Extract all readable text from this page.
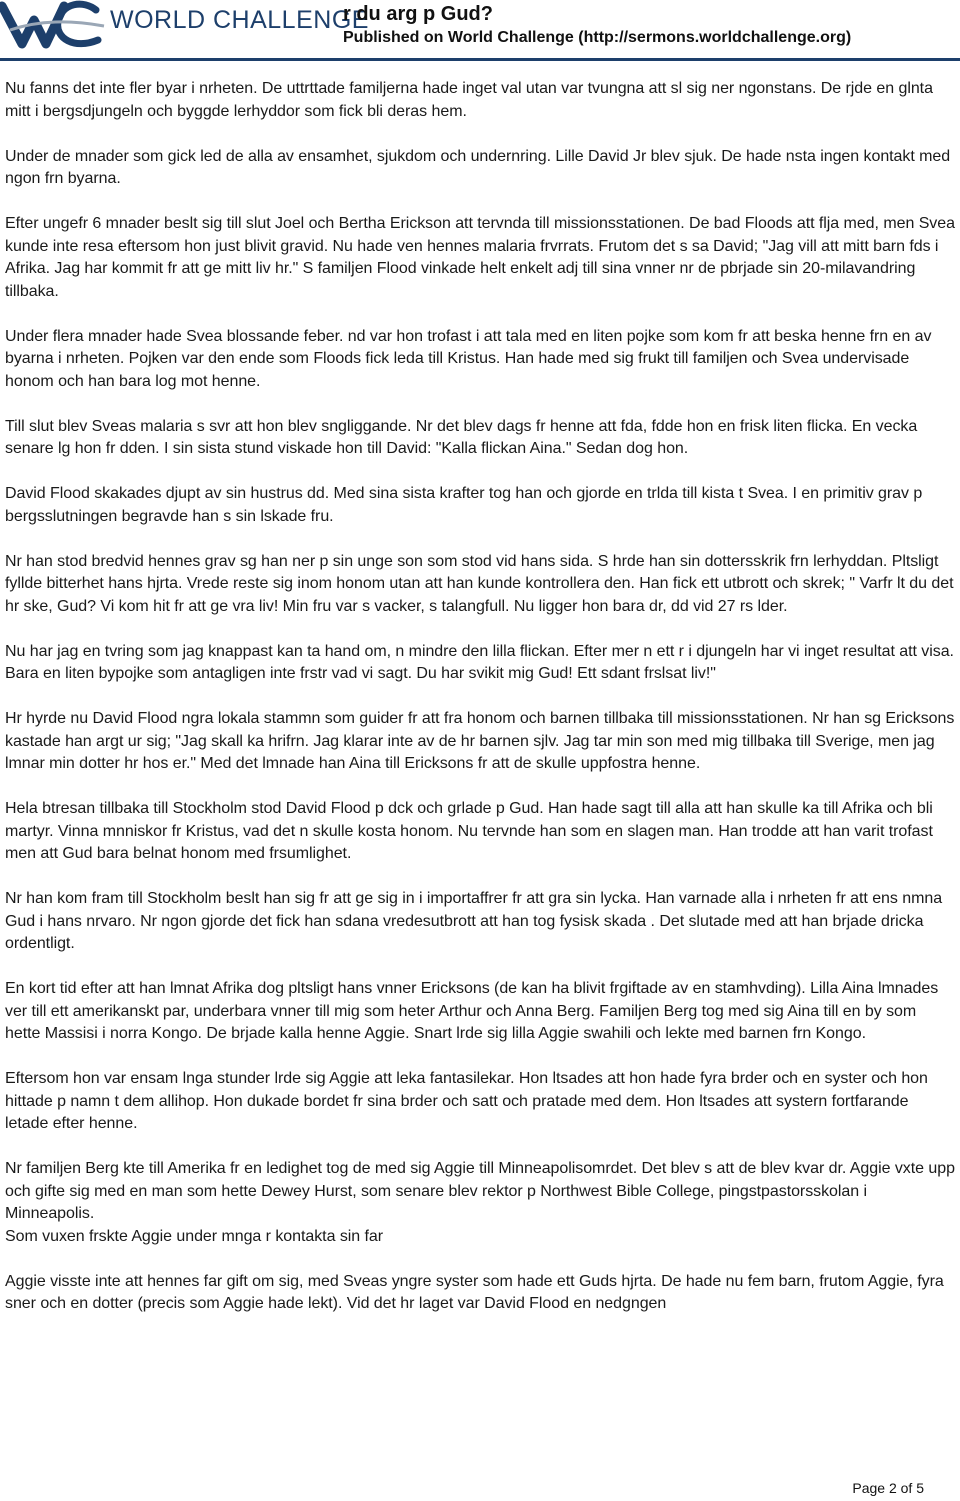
WORLD CHALLENGE
r du arg p Gud?
Published on World Challenge (http://sermons.worldchallenge.org)

Nu fanns det inte fler byar i nrheten. De uttrttade familjerna hade inget val utan var tvungna att sl sig ner ngonstans. De rjde en glnta mitt i bergsdjungeln och byggde lerhyddor som fick bli deras hem.

Under de mnader som gick led de alla av ensamhet, sjukdom och undernring. Lille David Jr blev sjuk. De hade nsta ingen kontakt med ngon frn byarna.

Efter ungefr 6 mnader beslt sig till slut Joel och Bertha Erickson att tervnda till missionsstationen. De bad Floods att flja med, men Svea kunde inte resa eftersom hon just blivit gravid. Nu hade ven hennes malaria frvrrats. Frutom det s sa David; "Jag vill att mitt barn fds i Afrika. Jag har kommit fr att ge mitt liv hr." S familjen Flood vinkade helt enkelt adj till sina vnner nr de pbrjade sin 20-milavandring tillbaka.

Under flera mnader hade Svea blossande feber. nd var hon trofast i att tala med en liten pojke som kom fr att beska henne frn en av byarna i nrheten. Pojken var den ende som Floods fick leda till Kristus. Han hade med sig frukt till familjen och Svea undervisade honom och han bara log mot henne.

Till slut blev Sveas malaria s svr att hon blev sngliggande. Nr det blev dags fr henne att fda, fdde hon en frisk liten flicka. En vecka senare lg hon fr dden. I sin sista stund viskade hon till David: "Kalla flickan Aina." Sedan dog hon.

David Flood skakades djupt av sin hustrus dd. Med sina sista krafter tog han och gjorde en trlda till kista t Svea. I en primitiv grav p bergsslutningen begravde han s sin lskade fru.

Nr han stod bredvid hennes grav sg han ner p sin unge son som stod vid hans sida. S hrde han sin dottersskrik frn lerhyddan. Pltsligt fyllde bitterhet hans hjrta. Vrede reste sig inom honom utan att han kunde kontrollera den. Han fick ett utbrott och skrek; " Varfr lt du det hr ske, Gud? Vi kom hit fr att ge vra liv! Min fru var s vacker, s talangfull. Nu ligger hon bara dr, dd vid 27 rs lder.

Nu har jag en tvring som jag knappast kan ta hand om, n mindre den lilla flickan. Efter mer n ett r i djungeln har vi inget resultat att visa. Bara en liten bypojke som antagligen inte frstr vad vi sagt. Du har svikit mig Gud! Ett sdant frslsat liv!"

Hr hyrde nu David Flood ngra lokala stammn som guider fr att fra honom och barnen tillbaka till missionsstationen. Nr han sg Ericksons kastade han argt ur sig; "Jag skall ka hrifrn. Jag klarar inte av de hr barnen sjlv. Jag tar min son med mig tillbaka till Sverige, men jag lmnar min dotter hr hos er." Med det lmnade han Aina till Ericksons fr att de skulle uppfostra henne.

Hela btresan tillbaka till Stockholm stod David Flood p dck och grlade p Gud. Han hade sagt till alla att han skulle ka till Afrika och bli martyr. Vinna mnniskor fr Kristus, vad det n skulle kosta honom. Nu tervnde han som en slagen man. Han trodde att han varit trofast men att Gud bara belnat honom med frsumlighet.

Nr han kom fram till Stockholm beslt han sig fr att ge sig in i importaffrer fr att gra sin lycka. Han varnade alla i nrheten fr att ens nmna Gud i hans nrvaro. Nr ngon gjorde det fick han sdana vredesutbrott att han tog fysisk skada . Det slutade med att han brjade dricka ordentligt.

En kort tid efter att han lmnat Afrika dog pltsligt hans vnner Ericksons (de kan ha blivit frgiftade av en stamhvding). Lilla Aina lmnades ver till ett amerikanskt par, underbara vnner till mig som heter Arthur och Anna Berg. Familjen Berg tog med sig Aina till en by som hette Massisi i norra Kongo. De brjade kalla henne Aggie. Snart lrde sig lilla Aggie swahili och lekte med barnen frn Kongo.

Eftersom hon var ensam lnga stunder lrde sig Aggie att leka fantasilekar. Hon ltsades att hon hade fyra brder och en syster och hon hittade p namn t dem allihop. Hon dukade bordet fr sina brder och satt och pratade med dem. Hon ltsades att systern fortfarande letade efter henne.

Nr familjen Berg kte till Amerika fr en ledighet tog de med sig Aggie till Minneapolisomrdet. Det blev s att de blev kvar dr. Aggie vxte upp och gifte sig med en man som hette Dewey Hurst, som senare blev rektor p Northwest Bible College, pingstpastorsskolan i Minneapolis.

Som vuxen frskte Aggie under mnga r kontakta sin far

Aggie visste inte att hennes far gift om sig, med Sveas yngre syster som hade ett Guds hjrta. De hade nu fem barn, frutom Aggie, fyra sner och en dotter (precis som Aggie hade lekt). Vid det hr laget var David Flood en nedgngen

Page 2 of 5
